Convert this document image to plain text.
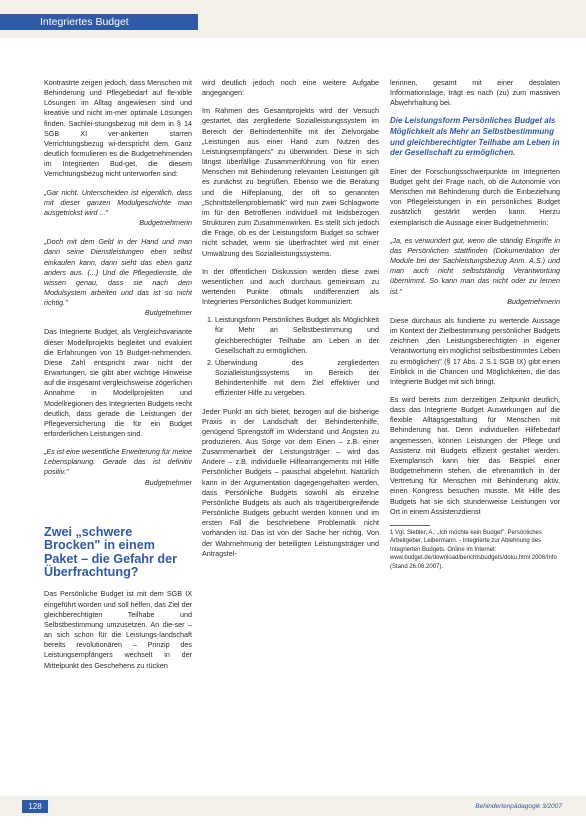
Integriertes Budget

Kontrastrte zeigen jedoch, dass Menschen mit Behinderung und Pflegebedarf auf fle-xible Lösungen im Alltag angewiesen sind und kreative und nicht im-mer optimale Lösungen finden. Sachlei-stungsbezug mit dem in § 14 SGB XI ver-ankerten starren Verrichtungsbezug wi-derspricht dem. Ganz deutlich formulieren es die Budgetnehmenden im Integrierten Bud-get, die diesem Verrichtungsbezug nicht unterworfen sind:

„Gar nicht. Unterscheiden ist eigentlich, dass mit dieser ganzen Modulgeschichte man ausgetrickst wird ..."
Budgetnehmerin
„Doch mit dem Geld in der Hand und man dann seine Dienstleistungen eben selbst einkaufen kann, dann sieht das eben ganz anders aus. (...) Und die Pflegedienste, die wissen genau, dass sie nach dem Modulsystem arbeiten und das ist so nicht richtig."
Budgetnehmer

Das Integrierte Budget, als Vergleichsvariante dieser Modellprojekts begleitet und evaluiert die Erfahrungen von 15 Budget-nehmenden. Diese Zahl entspricht zwar nicht der Erwartungen, sie gibt aber wichtige Hinweise auf die insgesamt vergleichsweise zögerlichen Annahme in Modellprojekten und Modellregionen des Integrierten Budgets recht deutlich, dass gerade die Leistungen der Pflegeversicherung die für ein Budget erforderlichen Leistungen sind.

„Es ist eine wesentliche Erweiterung für meine Lebensplanung. Gerade das ist definitiv positiv."
Budgetnehmer
Zwei „schwere Brocken" in einem Paket – die Gefahr der Überfrachtung?

Das Persönliche Budget ist mit dem SGB IX eingeführt worden und soll helfen, das Ziel der gleichberechtigten Teilhabe und Selbstbestimmung umzusetzen. An die-ser – an sich schon für die Leistungs-landschaft bereits revolutionären – Prinzip des Leistungsempfängers wechselt in der Mittelpunkt des Geschehens zu rücken

wird deutlich jedoch noch eine weitere Aufgabe angegangen:

Im Rahmen des Gesamtprojekts wird der Versuch gestartet, das zergliederte Sozialleistungssystem im Bereich der Behindertenhilfe mit der Zielvorgabe „Leistungen aus einer Hand zum Nutzen des Leistungsempfängers" zu überwinden. Diese in sich längst überfällige Zusammenführung von für einen Menschen mit Behinderung relevanten Leistungen gilt es zunächst zu begrüßen. Ebenso wie die Beratung und die Hilfeplanung, der oft so genannten „Schnittstellenproblematik" wird nun zwei Schlagworte im für den Betroffenen individuell mit leidsbezogen Strukturen zum Zusammenwirken. Es stellt sich jedoch die Frage, ob es der Leistungsform Budget so schwer nicht schadet, wenn sie überfrachtet wird mit einer Umwälzung des Sozialleistungssystems.

In der öffentlichen Diskussion werden diese zwei wesentlichen und auch durchaus gemeinsam zu wertenden Punkte oftmals undifferenziert als Integriertes Persönliches Budget kommuniziert:

1. Leistungsform Persönliches Budget als Möglichkeit für Mehr an Selbstbestimmung und gleichberechtigter Teilhabe am Leben in der Gesellschaft zu ermöglichen.
2. Überwindung des zergliederten Sozialleistungssystems im Bereich der Behindertenhilfe mit dem Ziel effektiver und effizienter Hilfe zu vergeben.

Jeder Punkt an sich bietet, bezogen auf die bisherige Praxis in der Landschaft der Behindertenhilfe, genügend Sprengstoff im Widerstand und Ängsten zu produzieren. Aus Sorge vor dem Einen – z.B. einer Zusammenarbeit der Leistungsträger – wird das Andere – z.B. individuelle Hilfearrangements mit Hilfe Persönlicher Budgets – pauschal abgelehnt. Natürlich kann in der Argumentation dagegengehalten werden, dass Persönliche Budgets sowohl als einzelne Persönliche Budgets als auch als trägerübergreifende Persönliche Budgets gebucht werden können und im ersten Fall die beschriebene Problematik nicht vorhanden ist. Das ist von der Sache her richtig. Von der Wahrnehmung der beteiligten Leistungsträger und Antragstel-

lerinnen, gesamt mit einer desolaten Informationslage, trägt es nach (zu) zum massiven Abwehrhaltung bei.

Die Leistungsform Persönliches Budget als Möglichkeit als Mehr an Selbstbestimmung und gleichberechtigter Teilhabe am Leben in der Gesellschaft zu ermöglichen.

Einer der Forschungsschwerpunkte im Integrierten Budget geht der Frage nach, ob die Autonomie von Menschen mit Behinderung durch die Einbeziehung von Pflegeleistungen in ein persönliches Budget zusätzlich gestärkt werden kann. Hierzu exemplarisch die Aussage einer Budgetnehmerin:

„Ja, es verwundert gut, wenn die ständig Eingriffe in das Persönlichen stattfinden (Dokumentation der Module bei der Sachleistungsbezug Anm. A.S.) und man auch nicht selbstständig Verantwortung übernimmt. So kann man das nicht oder zu lernen ist."
Budgetnehmerin

Diese durchaus als fundierte zu wertende Aussage im Kontext der Zielbestimmung persönlicher Budgets zeichnen „den Leistungsberechtigten in eigener Verantwortung ein möglichst selbstbestimmtes Leben zu ermöglichen" (§ 17 Abs. 2 S.1 SGB IX) gibt einen Einblick in die Chancen und Möglichkeiten, die das Integrierte Budget mit sich bringt.

Es wird bereits zum derzeitigen Zeitpunkt deutlich, dass das Integrierte Budget Auswirkungen auf die flexible Alltagsgestaltung für Menschen mit Behinderung hat. Denn individuellen Hilfebedarf angemessen, können Leistungen der Pflege und Assistenz mit Budgets effizient gestaltet werden. Exemplarisch kann hier das Beispiel einer Budgetnehmerin stehen, die ehrenamtlich in der Vertretung für Menschen mit Behinderung aktiv, einen Kongress besuchen musste. Mit Hilfe des Budgets hat sie sich stundenweise Leistungen vor Ort in einem Assistenzdienst

1 Vgl. Siebler, A.: „Ich möchte kein Budget". Persönliches Arbeitgeber, Leibermann. - Integrierte zur Ablehnung des Integrierten Budgets. Online im Internet: www.budget.de/download/berichtsbudgets/doku.html 2008/Info (Stand 26.06.2007).
128	Behindertenpädagogik 3/2007
